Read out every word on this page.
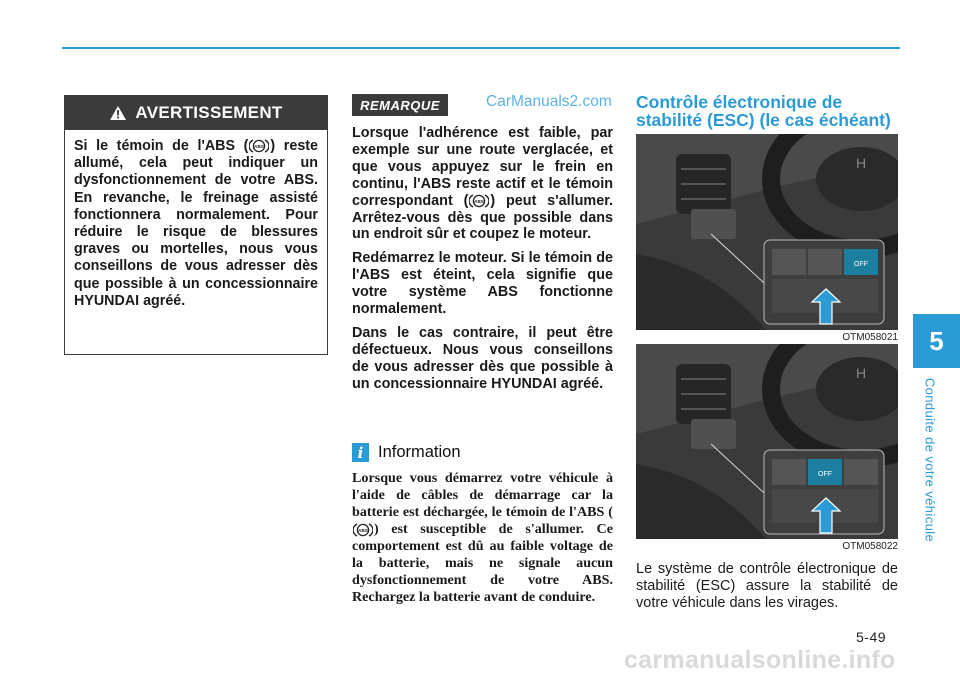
AVERTISSEMENT
Si le témoin de l'ABS ( ABS ) reste allumé, cela peut indiquer un dysfonctionnement de votre ABS. En revanche, le freinage assisté fonctionnera normalement. Pour réduire le risque de blessures graves ou mortelles, nous vous conseillons de vous adresser dès que possible à un concessionnaire HYUNDAI agréé.
REMARQUE	CarManuals2.com

Lorsque l'adhérence est faible, par exemple sur une route verglacée, et que vous appuyez sur le frein en continu, l'ABS reste actif et le témoin correspondant ( ABS ) peut s'allumer. Arrêtez-vous dès que possible dans un endroit sûr et coupez le moteur.

Redémarrez le moteur. Si le témoin de l'ABS est éteint, cela signifie que votre système ABS fonctionne normalement.

Dans le cas contraire, il peut être défectueux. Nous vous conseillons de vous adresser dès que possible à un concessionnaire HYUNDAI agréé.

i Information
Lorsque vous démarrez votre véhicule à l'aide de câbles de démarrage car la batterie est déchargée, le témoin de l'ABS (
ABS ) est susceptible de s'allumer. Ce comportement est dû au faible voltage de la batterie, mais ne signale aucun dysfonctionnement de votre ABS. Rechargez la batterie avant de conduire.
Contrôle électronique de stabilité (ESC) (le cas échéant)
H
OFF
OTM058021
H
OFF
OTM058022
Le système de contrôle électronique de stabilité (ESC) assure la stabilité de votre véhicule dans les virages.
5
Conduite de votre véhicule
5-49
carmanualsonline.info
